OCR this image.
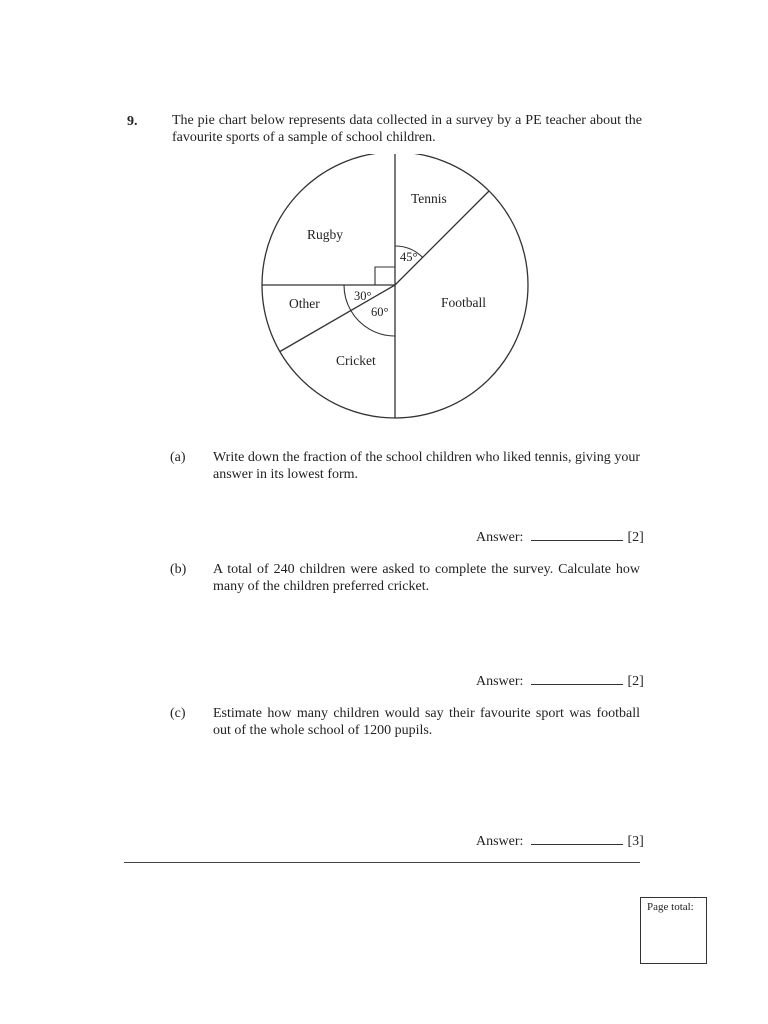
9. The pie chart below represents data collected in a survey by a PE teacher about the favourite sports of a sample of school children.
Tennis
Football
Cricket
Other
Rugby
45°
30°
60°
(a) Write down the fraction of the school children who liked tennis, giving your answer in its lowest form.
Answer:	[2]
(b) A total of 240 children were asked to complete the survey. Calculate how many of the children preferred cricket.
Answer:	[2]
(c) Estimate how many children would say their favourite sport was football out of the whole school of 1200 pupils.
Answer:	[3]
Page total:
